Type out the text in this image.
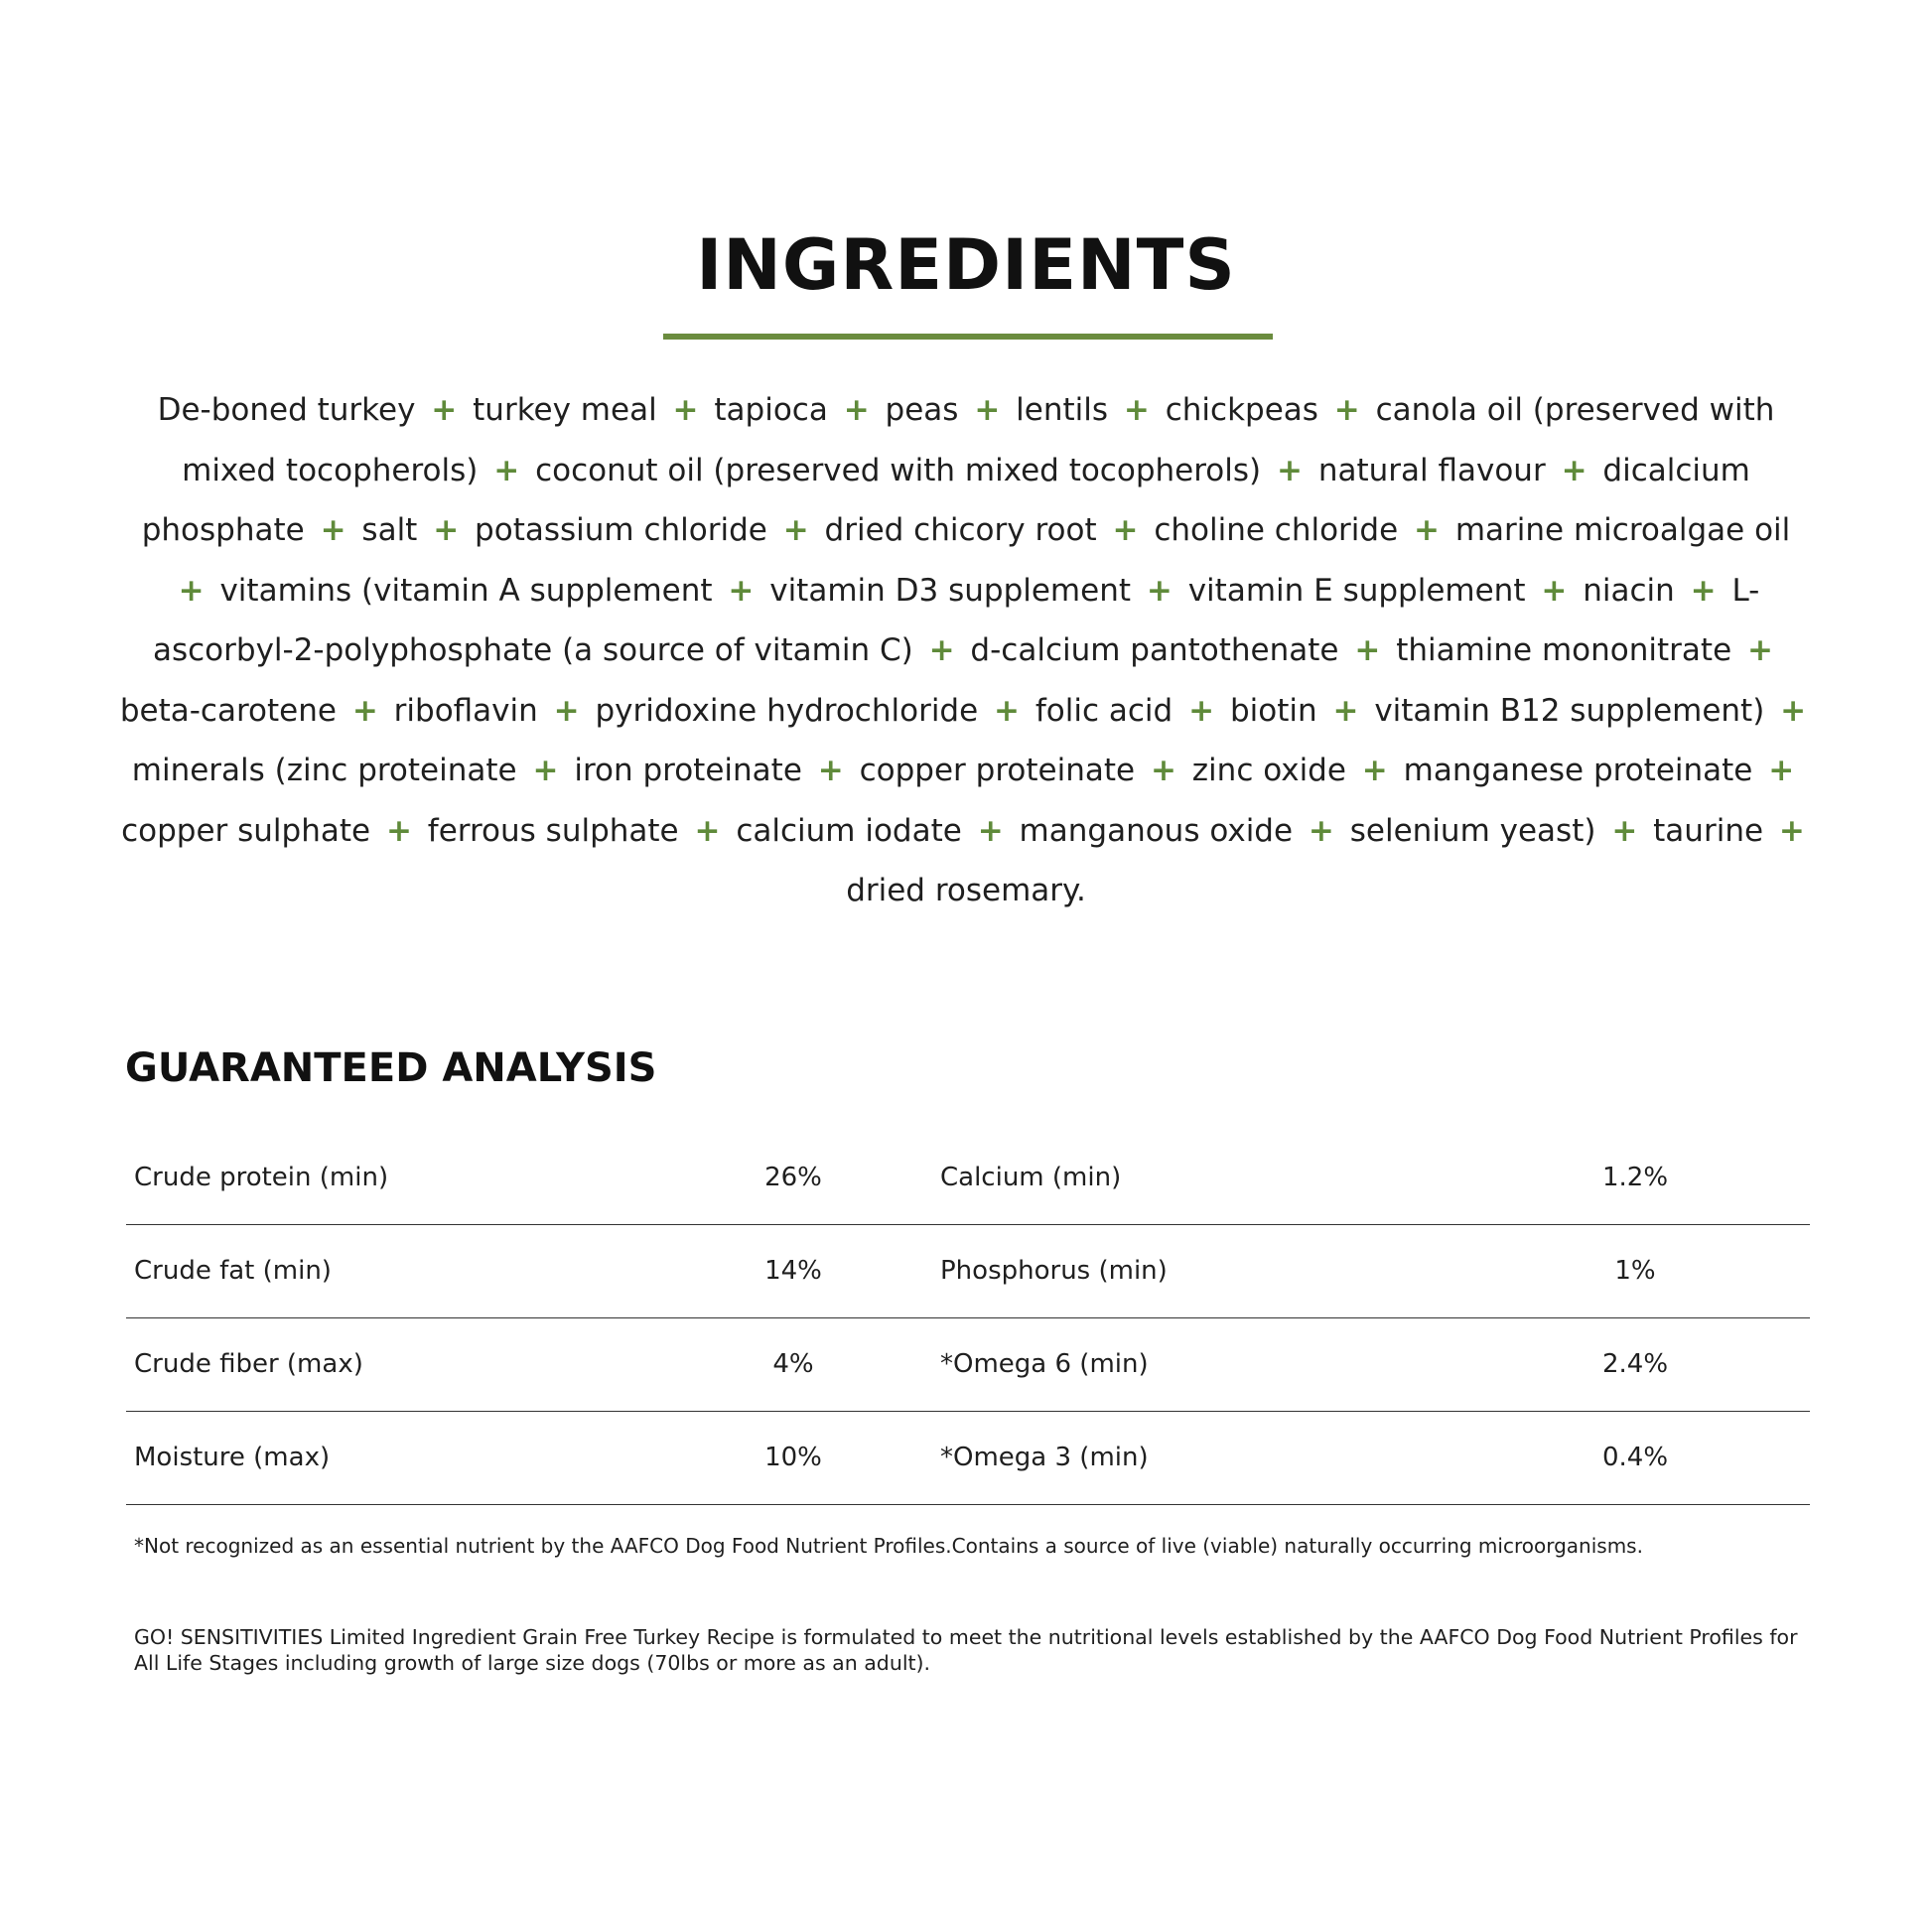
INGREDIENTS

De-boned turkey + turkey meal + tapioca + peas + lentils + chickpeas + canola oil (preserved with mixed tocopherols) + coconut oil (preserved with mixed tocopherols) + natural flavour + dicalcium phosphate + salt + potassium chloride + dried chicory root + choline chloride + marine microalgae oil + vitamins (vitamin A supplement + vitamin D3 supplement + vitamin E supplement + niacin + L-ascorbyl-2-polyphosphate (a source of vitamin C) + d-calcium pantothenate + thiamine mononitrate + beta-carotene + riboflavin + pyridoxine hydrochloride + folic acid + biotin + vitamin B12 supplement) + minerals (zinc proteinate + iron proteinate + copper proteinate + zinc oxide + manganese proteinate + copper sulphate + ferrous sulphate + calcium iodate + manganous oxide + selenium yeast) + taurine + dried rosemary.

GUARANTEED ANALYSIS
Crude protein (min)	26%	Calcium (min)	1.2%
Crude fat (min)	14%	Phosphorus (min)	1%
Crude fiber (max)	4%	*Omega 6 (min)	2.4%
Moisture (max)	10%	*Omega 3 (min)	0.4%

*Not recognized as an essential nutrient by the AAFCO Dog Food Nutrient Profiles.Contains a source of live (viable) naturally occurring microorganisms.

GO! SENSITIVITIES Limited Ingredient Grain Free Turkey Recipe is formulated to meet the nutritional levels established by the AAFCO Dog Food Nutrient Profiles for All Life Stages including growth of large size dogs (70lbs or more as an adult).
